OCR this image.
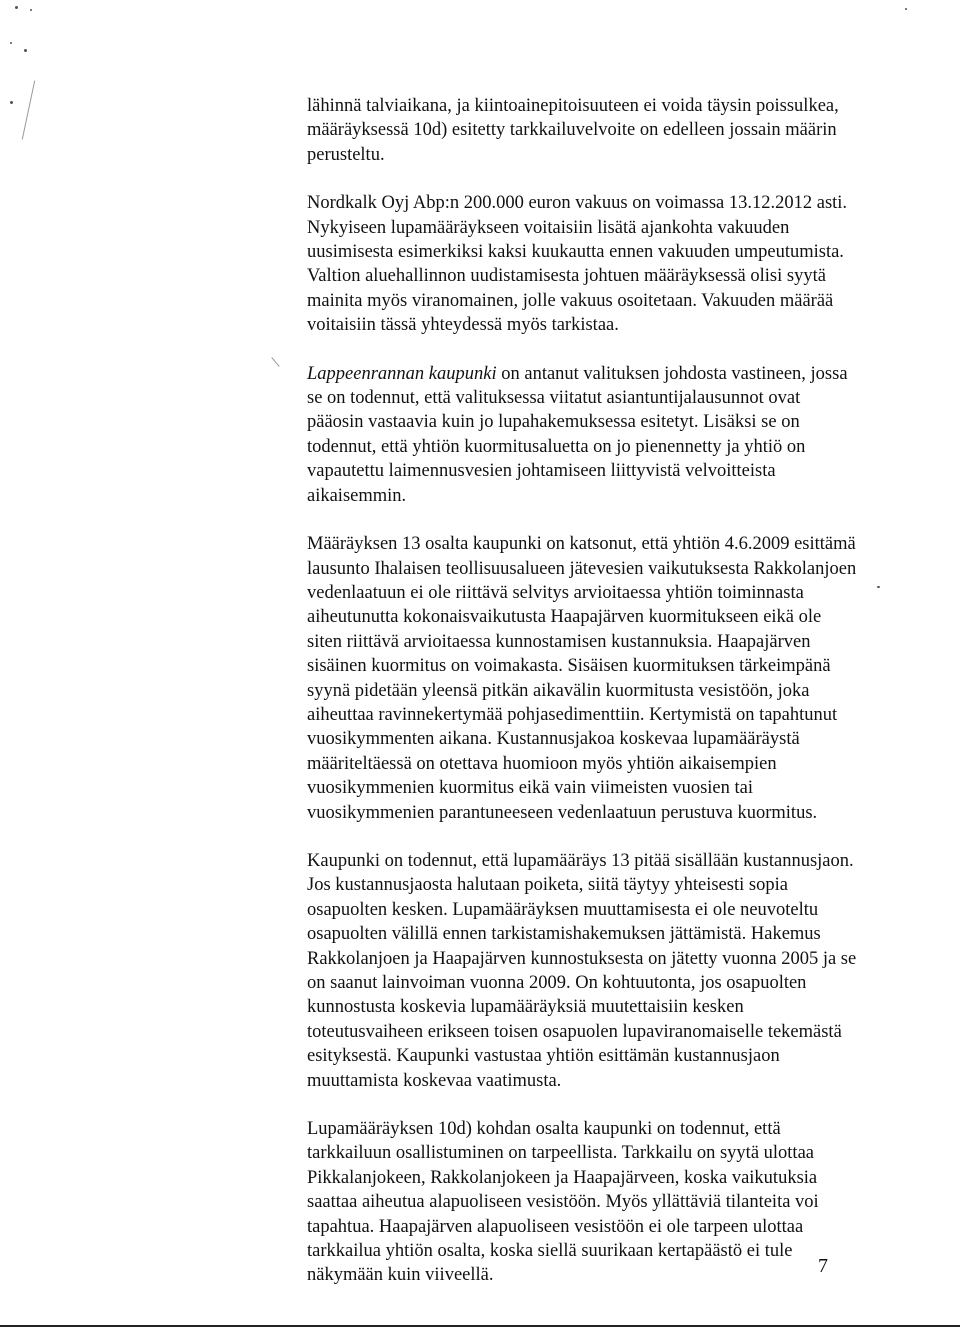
lähinnä talviaikana, ja kiintoainepitoisuuteen ei voida täysin poissulkea,
määräyksessä 10d) esitetty tarkkailuvelvoite on edelleen jossain määrin
perusteltu.

Nordkalk Oyj Abp:n 200.000 euron vakuus on voimassa 13.12.2012 asti.
Nykyiseen lupamääräykseen voitaisiin lisätä ajankohta vakuuden
uusimisesta esimerkiksi kaksi kuukautta ennen vakuuden umpeutumista.
Valtion aluehallinnon uudistamisesta johtuen määräyksessä olisi syytä
mainita myös viranomainen, jolle vakuus osoitetaan. Vakuuden määrää
voitaisiin tässä yhteydessä myös tarkistaa.

Lappeenrannan kaupunki on antanut valituksen johdosta vastineen, jossa
se on todennut, että valituksessa viitatut asiantuntijalausunnot ovat
pääosin vastaavia kuin jo lupahakemuksessa esitetyt. Lisäksi se on
todennut, että yhtiön kuormitusaluetta on jo pienennetty ja yhtiö on
vapautettu laimennusvesien johtamiseen liittyvistä velvoitteista
aikaisemmin.

Määräyksen 13 osalta kaupunki on katsonut, että yhtiön 4.6.2009 esittämä
lausunto Ihalaisen teollisuusalueen jätevesien vaikutuksesta Rakkolanjoen
vedenlaatuun ei ole riittävä selvitys arvioitaessa yhtiön toiminnasta
aiheutunutta kokonaisvaikutusta Haapajärven kuormitukseen eikä ole
siten riittävä arvioitaessa kunnostamisen kustannuksia. Haapajärven
sisäinen kuormitus on voimakasta. Sisäisen kuormituksen tärkeimpänä
syynä pidetään yleensä pitkän aikavälin kuormitusta vesistöön, joka
aiheuttaa ravinnekertymää pohjasedimenttiin. Kertymistä on tapahtunut
vuosikymmenten aikana. Kustannusjakoa koskevaa lupamääräystä
määriteltäessä on otettava huomioon myös yhtiön aikaisempien
vuosikymmenien kuormitus eikä vain viimeisten vuosien tai
vuosikymmenien parantuneeseen vedenlaatuun perustuva kuormitus.

Kaupunki on todennut, että lupamääräys 13 pitää sisällään kustannusjaon.
Jos kustannusjaosta halutaan poiketa, siitä täytyy yhteisesti sopia
osapuolten kesken. Lupamääräyksen muuttamisesta ei ole neuvoteltu
osapuolten välillä ennen tarkistamishakemuksen jättämistä. Hakemus
Rakkolanjoen ja Haapajärven kunnostuksesta on jätetty vuonna 2005 ja se
on saanut lainvoiman vuonna 2009. On kohtuutonta, jos osapuolten
kunnostusta koskevia lupamääräyksiä muutettaisiin kesken
toteutusvaiheen erikseen toisen osapuolen lupaviranomaiselle tekemästä
esityksestä. Kaupunki vastustaa yhtiön esittämän kustannusjaon
muuttamista koskevaa vaatimusta.

Lupamääräyksen 10d) kohdan osalta kaupunki on todennut, että
tarkkailuun osallistuminen on tarpeellista. Tarkkailu on syytä ulottaa
Pikkalanjokeen, Rakkolanjokeen ja Haapajärveen, koska vaikutuksia
saattaa aiheutua alapuoliseen vesistöön. Myös yllättäviä tilanteita voi
tapahtua. Haapajärven alapuoliseen vesistöön ei ole tarpeen ulottaa
tarkkailua yhtiön osalta, koska siellä suurikaan kertapäästö ei tule
näkymään kuin viiveellä.	7
